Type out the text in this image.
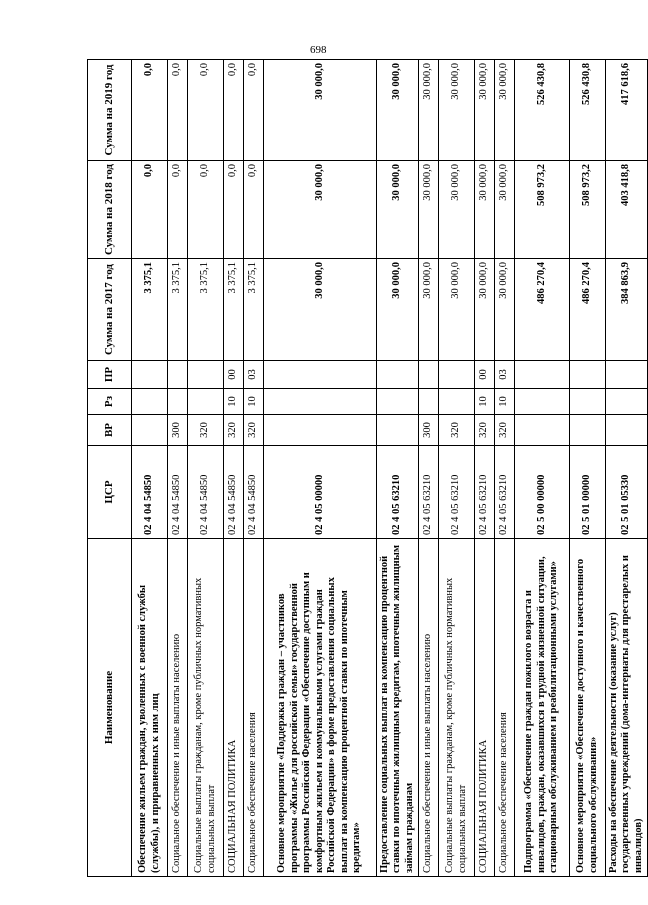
698
Наименование	ЦСР	ВР	Рз	ПР	Сумма на 2017 год	Сумма на 2018 год	Сумма на 2019 год
Обеспечение жильем граждан, уволенных с военной службы (службы), и приравненных к ним лиц	02 4 04 54850				3 375,1	0,0	0,0
Социальное обеспечение и иные выплаты населению	02 4 04 54850	300			3 375,1	0,0	0,0
Социальные выплаты гражданам, кроме публичных нормативных социальных выплат	02 4 04 54850	320			3 375,1	0,0	0,0
СОЦИАЛЬНАЯ ПОЛИТИКА	02 4 04 54850	320	10	00	3 375,1	0,0	0,0
Социальное обеспечение населения	02 4 04 54850	320	10	03	3 375,1	0,0	0,0
Основное мероприятие «Поддержка граждан – участников программы «Жилье для российской семьи» государственной программы Российской Федерации «Обеспечение доступным и комфортным жильем и коммунальными услугами граждан Российской Федерации» в форме предоставления социальных выплат на компенсацию процентной ставки по ипотечным кредитам»	02 4 05 00000				30 000,0	30 000,0	30 000,0
Предоставление социальных выплат на компенсацию процентной ставки по ипотечным жилищным кредитам, ипотечным жилищным займам гражданам	02 4 05 63210				30 000,0	30 000,0	30 000,0
Социальное обеспечение и иные выплаты населению	02 4 05 63210	300			30 000,0	30 000,0	30 000,0
Социальные выплаты гражданам, кроме публичных нормативных социальных выплат	02 4 05 63210	320			30 000,0	30 000,0	30 000,0
СОЦИАЛЬНАЯ ПОЛИТИКА	02 4 05 63210	320	10	00	30 000,0	30 000,0	30 000,0
Социальное обеспечение населения	02 4 05 63210	320	10	03	30 000,0	30 000,0	30 000,0
Подпрограмма «Обеспечение граждан пожилого возраста и инвалидов, граждан, оказавшихся в трудной жизненной ситуации, стационарным обслуживанием и реабилитационными услугами»	02 5 00 00000				486 270,4	508 973,2	526 430,8
Основное мероприятие «Обеспечение доступного и качественного социального обслуживания»	02 5 01 00000				486 270,4	508 973,2	526 430,8
Расходы на обеспечение деятельности (оказание услуг) государственных учреждений (дома-интернаты для престарелых и инвалидов)	02 5 01 05330				384 863,9	403 418,8	417 618,6
